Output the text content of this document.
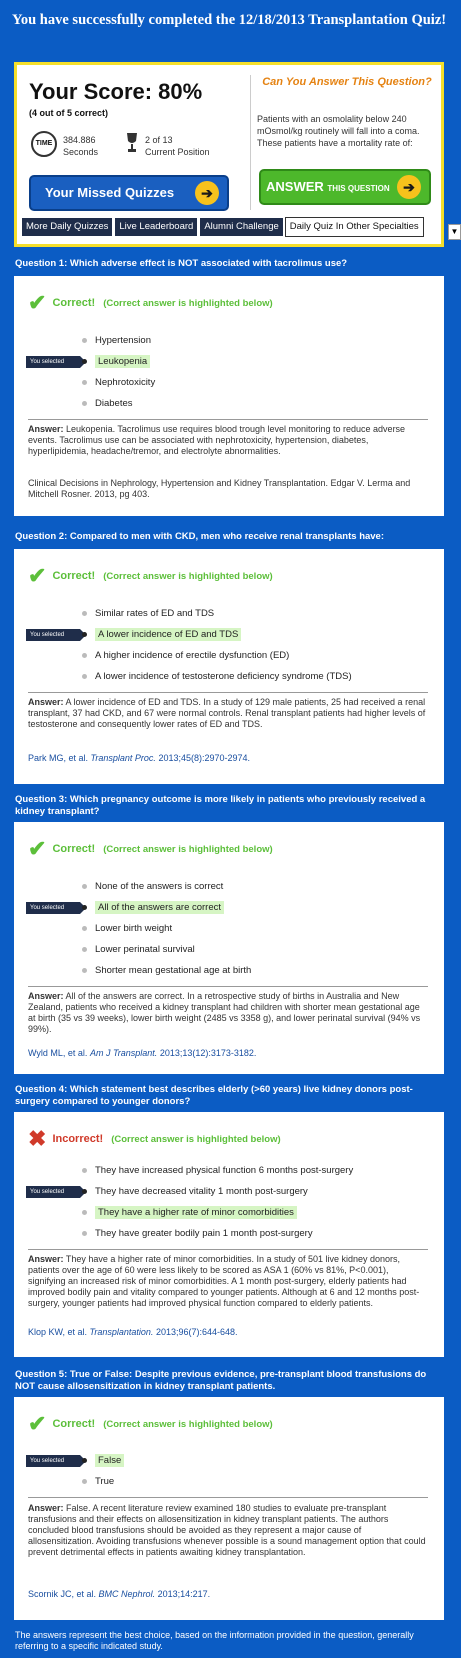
You have successfully completed the 12/18/2013 Transplantation Quiz!
Your Score: 80%
(4 out of 5 correct)
TIME	384.886
Seconds
2 of 13
Current Position
Your Missed Quizzes	➔
Can You Answer This Question?
Patients with an osmolality below 240 mOsmol/kg routinely will fall into a coma. These patients have a mortality rate of:
ANSWER THIS QUESTION ➔
More Daily Quizzes	Live Leaderboard	Alumni Challenge	Daily Quiz In Other Specialties	▼
Question 1: Which adverse effect is NOT associated with tacrolimus use?
✔ Correct! (Correct answer is highlighted below)
Hypertension
You selected	Leukopenia
Nephrotoxicity
Diabetes
Answer: Leukopenia. Tacrolimus use requires blood trough level monitoring to reduce adverse events. Tacrolimus use can be associated with nephrotoxicity, hypertension, diabetes, hyperlipidemia, headache/tremor, and electrolyte abnormalities.
Clinical Decisions in Nephrology, Hypertension and Kidney Transplantation. Edgar V. Lerma and Mitchell Rosner. 2013, pg 403.
Question 2: Compared to men with CKD, men who receive renal transplants have:
✔ Correct! (Correct answer is highlighted below)
Similar rates of ED and TDS
You selected	A lower incidence of ED and TDS
A higher incidence of erectile dysfunction (ED)
A lower incidence of testosterone deficiency syndrome (TDS)
Answer: A lower incidence of ED and TDS. In a study of 129 male patients, 25 had received a renal transplant, 37 had CKD, and 67 were normal controls. Renal transplant patients had higher levels of testosterone and consequently lower rates of ED and TDS.
Park MG, et al. Transplant Proc. 2013;45(8):2970-2974.
Question 3: Which pregnancy outcome is more likely in patients who previously received a kidney transplant?
✔ Correct! (Correct answer is highlighted below)
None of the answers is correct
You selected	All of the answers are correct
Lower birth weight
Lower perinatal survival
Shorter mean gestational age at birth
Answer: All of the answers are correct. In a retrospective study of births in Australia and New Zealand, patients who received a kidney transplant had children with shorter mean gestational age at birth (35 vs 39 weeks), lower birth weight (2485 vs 3358 g), and lower perinatal survival (94% vs 99%).
Wyld ML, et al. Am J Transplant. 2013;13(12):3173-3182.
Question 4: Which statement best describes elderly (>60 years) live kidney donors post-surgery compared to younger donors?
✖ Incorrect! (Correct answer is highlighted below)
They have increased physical function 6 months post-surgery
You selected	They have decreased vitality 1 month post-surgery
They have a higher rate of minor comorbidities
They have greater bodily pain 1 month post-surgery
Answer: They have a higher rate of minor comorbidities. In a study of 501 live kidney donors, patients over the age of 60 were less likely to be scored as ASA 1 (60% vs 81%, P<0.001), signifying an increased risk of minor comorbidities. A 1 month post-surgery, elderly patients had improved bodily pain and vitality compared to younger patients. Although at 6 and 12 months post-surgery, younger patients had improved physical function compared to elderly patients.
Klop KW, et al. Transplantation. 2013;96(7):644-648.
Question 5: True or False: Despite previous evidence, pre-transplant blood transfusions do NOT cause allosensitization in kidney transplant patients.
✔ Correct! (Correct answer is highlighted below)
You selected	False
True
Answer: False. A recent literature review examined 180 studies to evaluate pre-transplant transfusions and their effects on allosensitization in kidney transplant patients. The authors concluded blood transfusions should be avoided as they represent a major cause of allosensitization. Avoiding transfusions whenever possible is a sound management option that could prevent detrimental effects in patients awaiting kidney transplantation.
Scornik JC, et al. BMC Nephrol. 2013;14:217.
The answers represent the best choice, based on the information provided in the question, generally referring to a specific indicated study.
